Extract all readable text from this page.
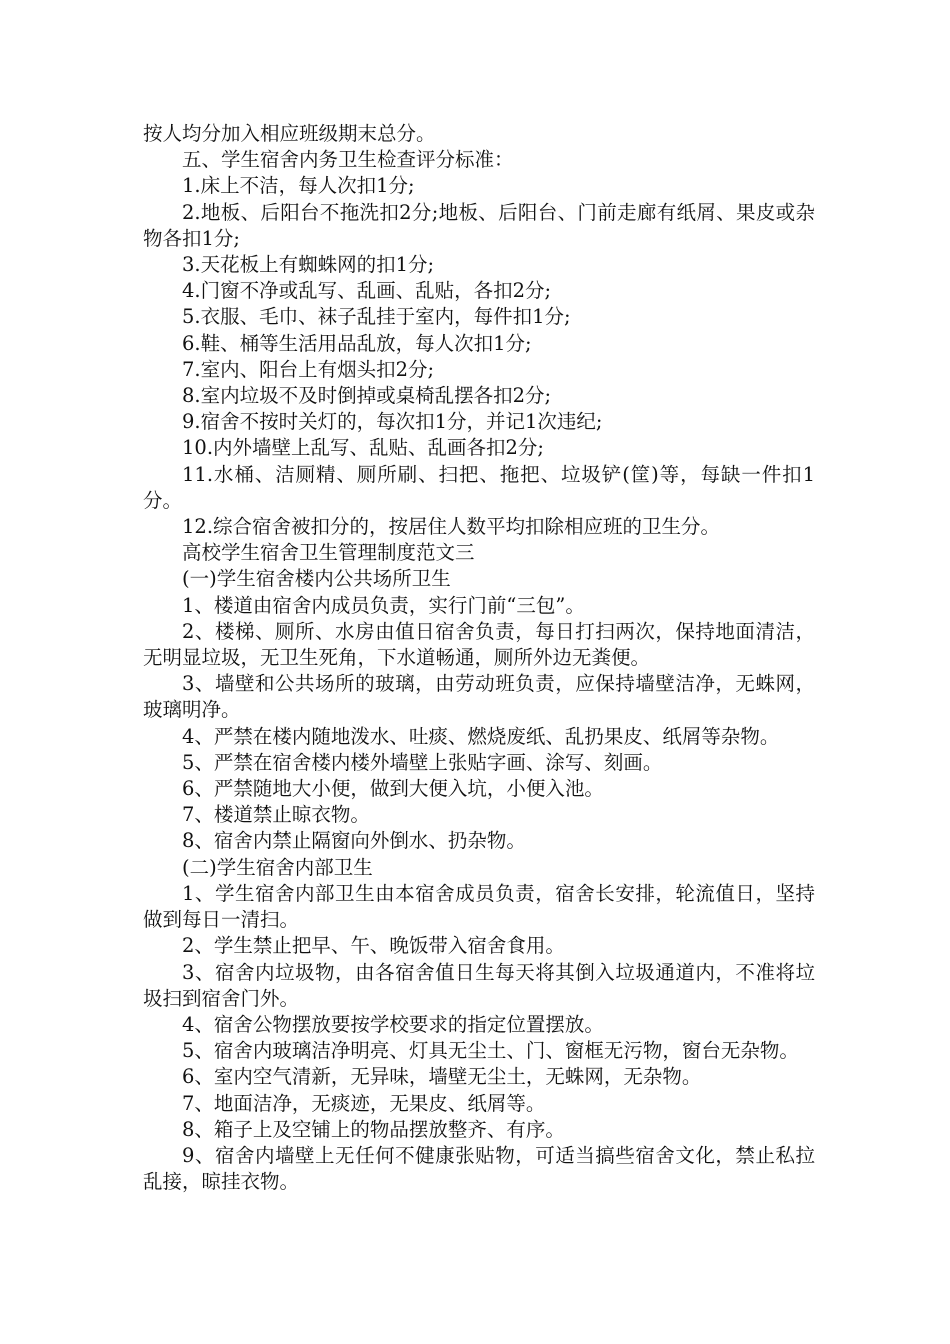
按人均分加入相应班级期末总分。

五、学生宿舍内务卫生检查评分标准：

1.床上不洁，每人次扣1分;

2.地板、后阳台不拖洗扣2分;地板、后阳台、门前走廊有纸屑、果皮或杂物各扣1分;

3.天花板上有蜘蛛网的扣1分;

4.门窗不净或乱写、乱画、乱贴，各扣2分;

5.衣服、毛巾、袜子乱挂于室内，每件扣1分;

6.鞋、桶等生活用品乱放，每人次扣1分;

7.室内、阳台上有烟头扣2分;

8.室内垃圾不及时倒掉或桌椅乱摆各扣2分;

9.宿舍不按时关灯的，每次扣1分，并记1次违纪;

10.内外墙壁上乱写、乱贴、乱画各扣2分;

11.水桶、洁厕精、厕所刷、扫把、拖把、垃圾铲(筐)等，每缺一件扣1分。

12.综合宿舍被扣分的，按居住人数平均扣除相应班的卫生分。

高校学生宿舍卫生管理制度范文三

(一)学生宿舍楼内公共场所卫生

1、楼道由宿舍内成员负责，实行门前“三包”。

2、楼梯、厕所、水房由值日宿舍负责，每日打扫两次，保持地面清洁，无明显垃圾，无卫生死角，下水道畅通，厕所外边无粪便。

3、墙壁和公共场所的玻璃，由劳动班负责，应保持墙壁洁净，无蛛网，玻璃明净。

4、严禁在楼内随地泼水、吐痰、燃烧废纸、乱扔果皮、纸屑等杂物。

5、严禁在宿舍楼内楼外墙壁上张贴字画、涂写、刻画。

6、严禁随地大小便，做到大便入坑，小便入池。

7、楼道禁止晾衣物。

8、宿舍内禁止隔窗向外倒水、扔杂物。

(二)学生宿舍内部卫生

1、学生宿舍内部卫生由本宿舍成员负责，宿舍长安排，轮流值日，坚持做到每日一清扫。

2、学生禁止把早、午、晚饭带入宿舍食用。

3、宿舍内垃圾物，由各宿舍值日生每天将其倒入垃圾通道内，不准将垃圾扫到宿舍门外。

4、宿舍公物摆放要按学校要求的指定位置摆放。

5、宿舍内玻璃洁净明亮、灯具无尘土、门、窗框无污物，窗台无杂物。

6、室内空气清新，无异味，墙壁无尘土，无蛛网，无杂物。

7、地面洁净，无痰迹，无果皮、纸屑等。

8、箱子上及空铺上的物品摆放整齐、有序。

9、宿舍内墙壁上无任何不健康张贴物，可适当搞些宿舍文化，禁止私拉乱接，晾挂衣物。
